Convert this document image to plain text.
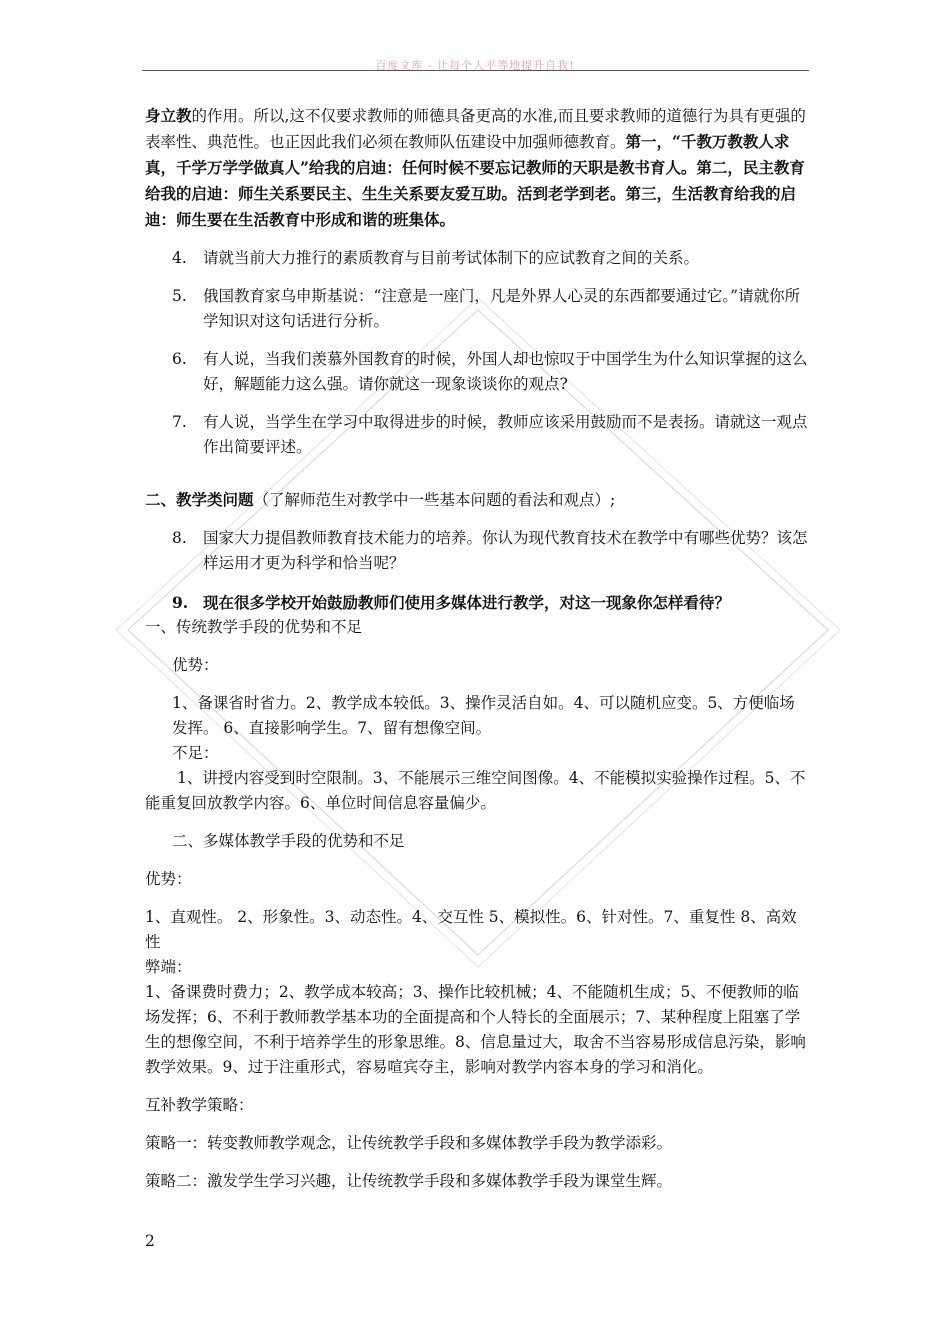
百度文库 - 让每个人平等地提升自我!

身立教的作用。所以,这不仅要求教师的师德具备更高的水准,而且要求教师的道德行为具有更强的表率性、典范性。也正因此我们必须在教师队伍建设中加强师德教育。第一，“千教万教教人求真，千学万学学做真人”给我的启迪：任何时候不要忘记教师的天职是教书育人。第二，民主教育给我的启迪：师生关系要民主、生生关系要友爱互助。活到老学到老。第三，生活教育给我的启迪：师生要在生活教育中形成和谐的班集体。

4.	请就当前大力推行的素质教育与目前考试体制下的应试教育之间的关系。
5.	俄国教育家乌申斯基说：“注意是一座门，凡是外界人心灵的东西都要通过它。”请就你所学知识对这句话进行分析。
6.	有人说，当我们羡慕外国教育的时候，外国人却也惊叹于中国学生为什么知识掌握的这么好，解题能力这么强。请你就这一现象谈谈你的观点?
7.	有人说，当学生在学习中取得进步的时候，教师应该采用鼓励而不是表扬。请就这一观点作出简要评述。

二、教学类问题（了解师范生对教学中一些基本问题的看法和观点）;

8.	国家大力提倡教师教育技术能力的培养。你认为现代教育技术在教学中有哪些优势？该怎样运用才更为科学和恰当呢？
9. 现在很多学校开始鼓励教师们使用多媒体进行教学，对这一现象你怎样看待？

一、传统教学手段的优势和不足

优势：

1、备课省时省力。2、教学成本较低。3、操作灵活自如。4、可以随机应变。5、方便临场发挥。 6、直接影响学生。7、留有想像空间。

不足：

1、讲授内容受到时空限制。3、不能展示三维空间图像。4、不能模拟实验操作过程。5、不能重复回放教学内容。6、单位时间信息容量偏少。

二、多媒体教学手段的优势和不足

优势：

1、直观性。 2、形象性。3、动态性。4、交互性 5、模拟性。6、针对性。7、重复性 8、高效性

弊端：

1、备课费时费力；2、教学成本较高；3、操作比较机械；4、不能随机生成；5、不便教师的临场发挥；6、不利于教师教学基本功的全面提高和个人特长的全面展示；7、某种程度上阻塞了学生的想像空间，不利于培养学生的形象思维。8、信息量过大，取舍不当容易形成信息污染，影响教学效果。9、过于注重形式，容易喧宾夺主，影响对教学内容本身的学习和消化。

互补教学策略：

策略一：转变教师教学观念，让传统教学手段和多媒体教学手段为教学添彩。

策略二：激发学生学习兴趣，让传统教学手段和多媒体教学手段为课堂生辉。

2
